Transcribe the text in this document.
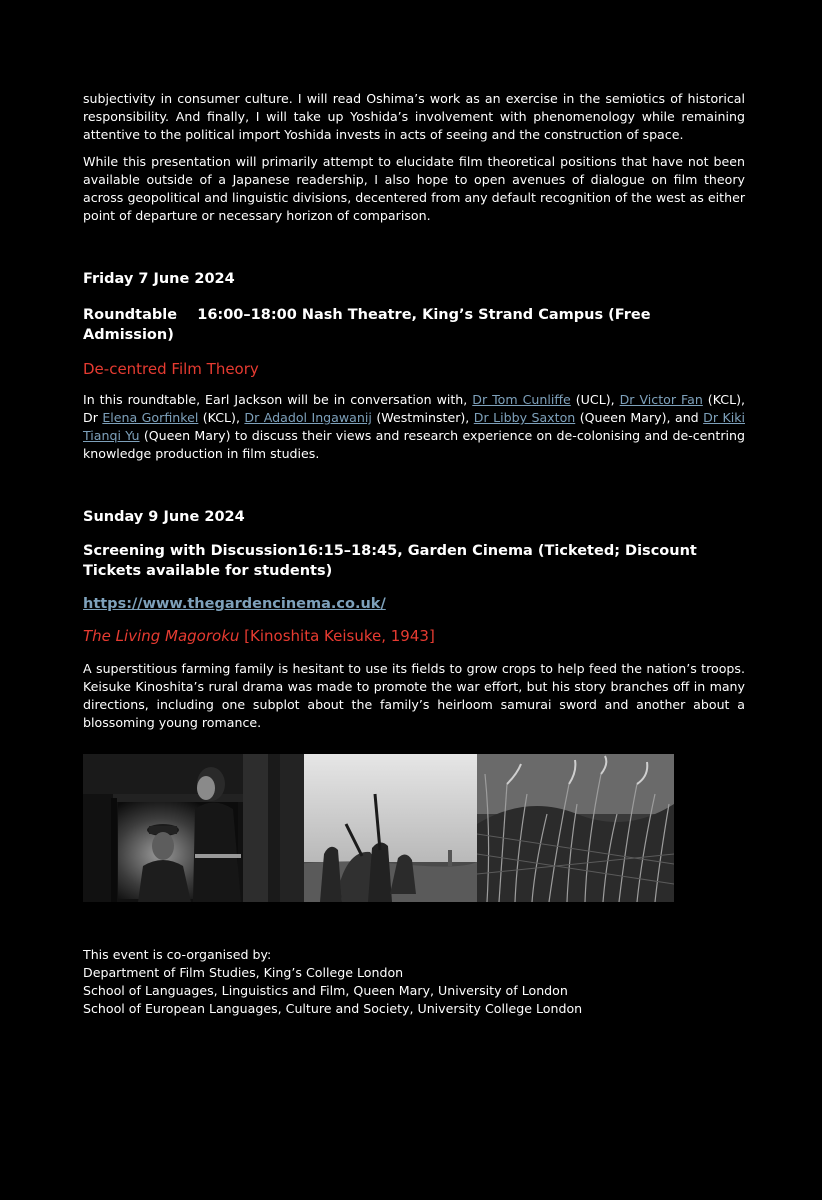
subjectivity in consumer culture. I will read Oshima’s work as an exercise in the semiotics of historical responsibility. And finally, I will take up Yoshida’s involvement with phenomenology while remaining attentive to the political import Yoshida invests in acts of seeing and the construction of space.

While this presentation will primarily attempt to elucidate film theoretical positions that have not been available outside of a Japanese readership, I also hope to open avenues of dialogue on film theory across geopolitical and linguistic divisions, decentered from any default recognition of the west as either point of departure or necessary horizon of comparison.

Friday 7 June 2024

Roundtable    16:00–18:00 Nash Theatre, King’s Strand Campus (Free Admission)

De-centred Film Theory

In this roundtable, Earl Jackson will be in conversation with, Dr Tom Cunliffe (UCL), Dr Victor Fan (KCL), Dr Elena Gorfinkel (KCL), Dr Adadol Ingawanij (Westminster), Dr Libby Saxton (Queen Mary), and Dr Kiki Tianqi Yu (Queen Mary) to discuss their views and research experience on de-colonising and de-centring knowledge production in film studies.

Sunday 9 June 2024

Screening with Discussion16:15–18:45, Garden Cinema (Ticketed; Discount Tickets available for students)

https://www.thegardencinema.co.uk/

The Living Magoroku [Kinoshita Keisuke, 1943]

A superstitious farming family is hesitant to use its fields to grow crops to help feed the nation’s troops. Keisuke Kinoshita’s rural drama was made to promote the war effort, but his story branches off in many directions, including one subplot about the family’s heirloom samurai sword and another about a blossoming young romance.

This event is co-organised by:
Department of Film Studies, King’s College London
School of Languages, Linguistics and Film, Queen Mary, University of London
School of European Languages, Culture and Society, University College London
